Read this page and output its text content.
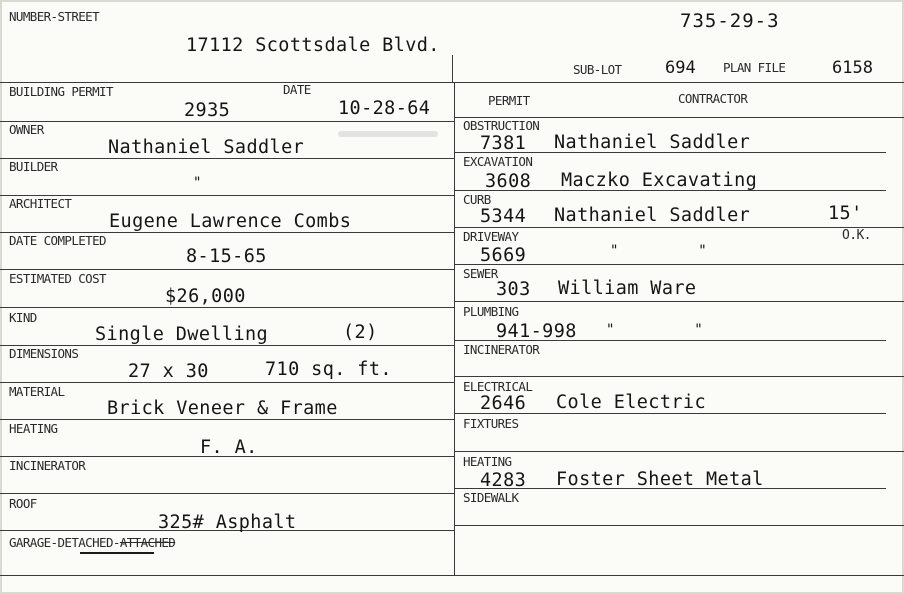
NUMBER-STREET
17112 Scottsdale Blvd.
735-29-3
SUB-LOT	694 PLAN FILE	6158
BUILDING PERMIT
2935
DATE
10-28-64
OWNER
Nathaniel Saddler
BUILDER
"
ARCHITECT
Eugene Lawrence Combs
DATE COMPLETED
8-15-65
ESTIMATED COST
$26,000
KIND
Single Dwelling	(2)
DIMENSIONS
27 x 30	710 sq. ft.
MATERIAL
Brick Veneer & Frame
HEATING
F. A.
INCINERATOR
ROOF
325# Asphalt
GARAGE-DETACHED-ATTACHED
PERMIT	CONTRACTOR
OBSTRUCTION
7381 Nathaniel Saddler
EXCAVATION
3608 Maczko Excavating
CURB
5344 Nathaniel Saddler	15'
DRIVEWAY
5669	"         "
O.K.
SEWER
303 William Ware
PLUMBING
941-998 "         "
INCINERATOR
ELECTRICAL
2646 Cole Electric
FIXTURES
HEATING
4283 Foster Sheet Metal
SIDEWALK
